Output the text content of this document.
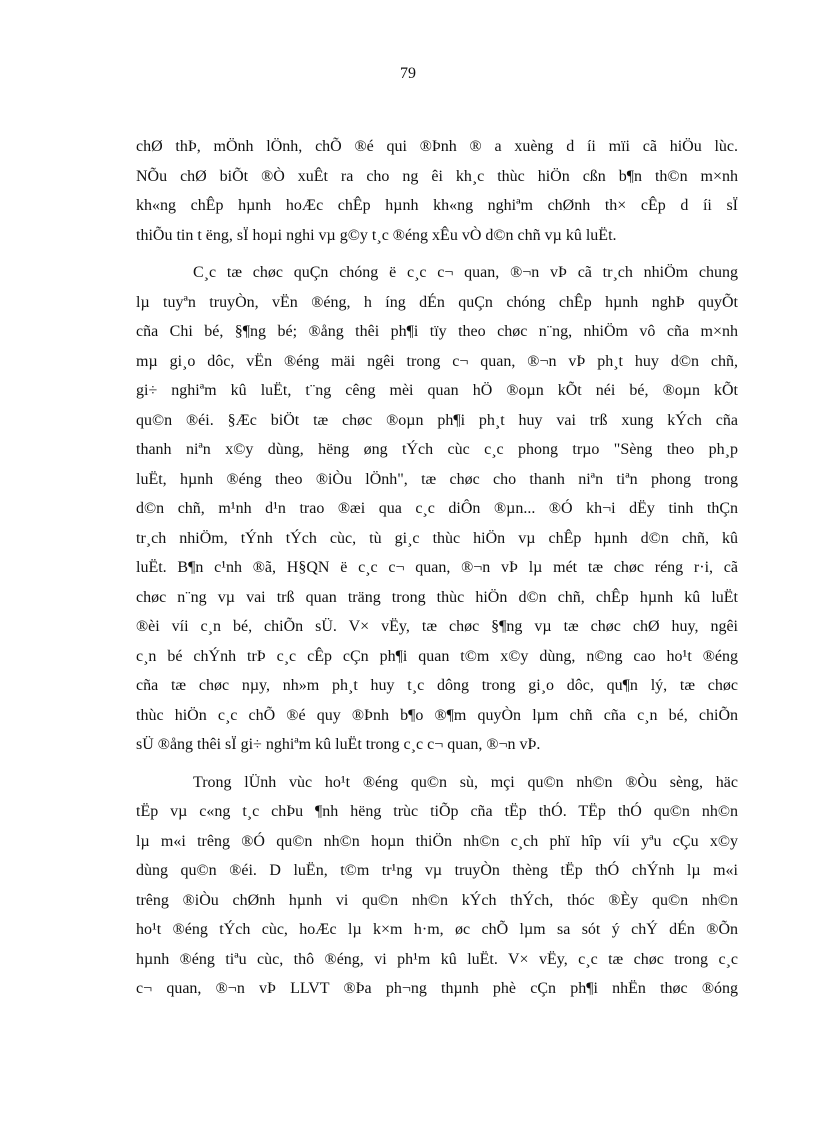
79
chØ thÞ, mÖnh lÖnh, chÕ ®é qui ®Þnh ® a xuèng d íi mïi cã hiÖu lùc.
NÕu chØ biÕt ®Ò xuÊt ra cho ng êi kh¸c thùc hiÖn cßn b¶n th©n m×nh
kh«ng chÊp hµnh hoÆc chÊp hµnh kh«ng nghiªm chØnh th× cÊp d íi sÏ
thiÕu tin t ëng, sÏ hoµi nghi vµ g©y t¸c ®éng xÊu vÒ d©n chñ vµ kû luËt.
C¸c tæ chøc quÇn chóng ë c¸c c¬ quan, ®¬n vÞ cã tr¸ch nhiÖm chung
lµ tuyªn truyÒn, vËn ®éng, h íng dÉn quÇn chóng chÊp hµnh nghÞ quyÕt
cña Chi bé, §¶ng bé; ®ång thêi ph¶i tïy theo chøc n¨ng, nhiÖm vô cña m×nh
mµ gi¸o dôc, vËn ®éng mäi ngêi trong c¬ quan, ®¬n vÞ ph¸t huy d©n chñ,
gi÷ nghiªm kû luËt, t¨ng cêng mèi quan hÖ ®oµn kÕt néi bé, ®oµn kÕt
qu©n ®éi. §Æc biÖt tæ chøc ®oµn ph¶i ph¸t huy vai trß xung kÝch cña
thanh niªn x©y dùng, hëng øng tÝch cùc c¸c phong trµo "Sèng theo ph¸p
luËt, hµnh ®éng theo ®iÒu lÖnh", tæ chøc cho thanh niªn tiªn phong trong
d©n chñ, m¹nh d¹n trao ®æi qua c¸c diÔn ®µn... ®Ó kh¬i dËy tinh thÇn
tr¸ch nhiÖm, tÝnh tÝch cùc, tù gi¸c thùc hiÖn vµ chÊp hµnh d©n chñ, kû
luËt. B¶n c¹nh ®ã, H§QN ë c¸c c¬ quan, ®¬n vÞ lµ mét tæ chøc réng r·i, cã
chøc n¨ng vµ vai trß quan träng trong thùc hiÖn d©n chñ, chÊp hµnh kû luËt
®èi víi c¸n bé, chiÕn sÜ. V× vËy, tæ chøc §¶ng vµ tæ chøc chØ huy, ngêi
c¸n bé chÝnh trÞ c¸c cÊp cÇn ph¶i quan t©m x©y dùng, n©ng cao ho¹t ®éng
cña tæ chøc nµy, nh»m ph¸t huy t¸c dông trong gi¸o dôc, qu¶n lý, tæ chøc
thùc hiÖn c¸c chÕ ®é quy ®Þnh b¶o ®¶m quyÒn lµm chñ cña c¸n bé, chiÕn
sÜ ®ång thêi sÏ gi÷ nghiªm kû luËt trong c¸c c¬ quan, ®¬n vÞ.
Trong lÜnh vùc ho¹t ®éng qu©n sù, mçi qu©n nh©n ®Òu sèng, häc
tËp vµ c«ng t¸c chÞu ¶nh hëng trùc tiÕp cña tËp thÓ. TËp thÓ qu©n nh©n
lµ m«i trêng ®Ó qu©n nh©n hoµn thiÖn nh©n c¸ch phï hîp víi yªu cÇu x©y
dùng qu©n ®éi. D luËn, t©m tr¹ng vµ truyÒn thèng tËp thÓ chÝnh lµ m«i
trêng ®iÒu chØnh hµnh vi qu©n nh©n kÝch thÝch, thóc ®Èy qu©n nh©n
ho¹t ®éng tÝch cùc, hoÆc lµ k×m h·m, øc chÕ lµm sa sót ý chÝ dÉn ®Õn
hµnh ®éng tiªu cùc, thô ®éng, vi ph¹m kû luËt. V× vËy, c¸c tæ chøc trong c¸c
c¬ quan, ®¬n vÞ LLVT ®Þa ph¬ng thµnh phè cÇn ph¶i nhËn thøc ®óng
